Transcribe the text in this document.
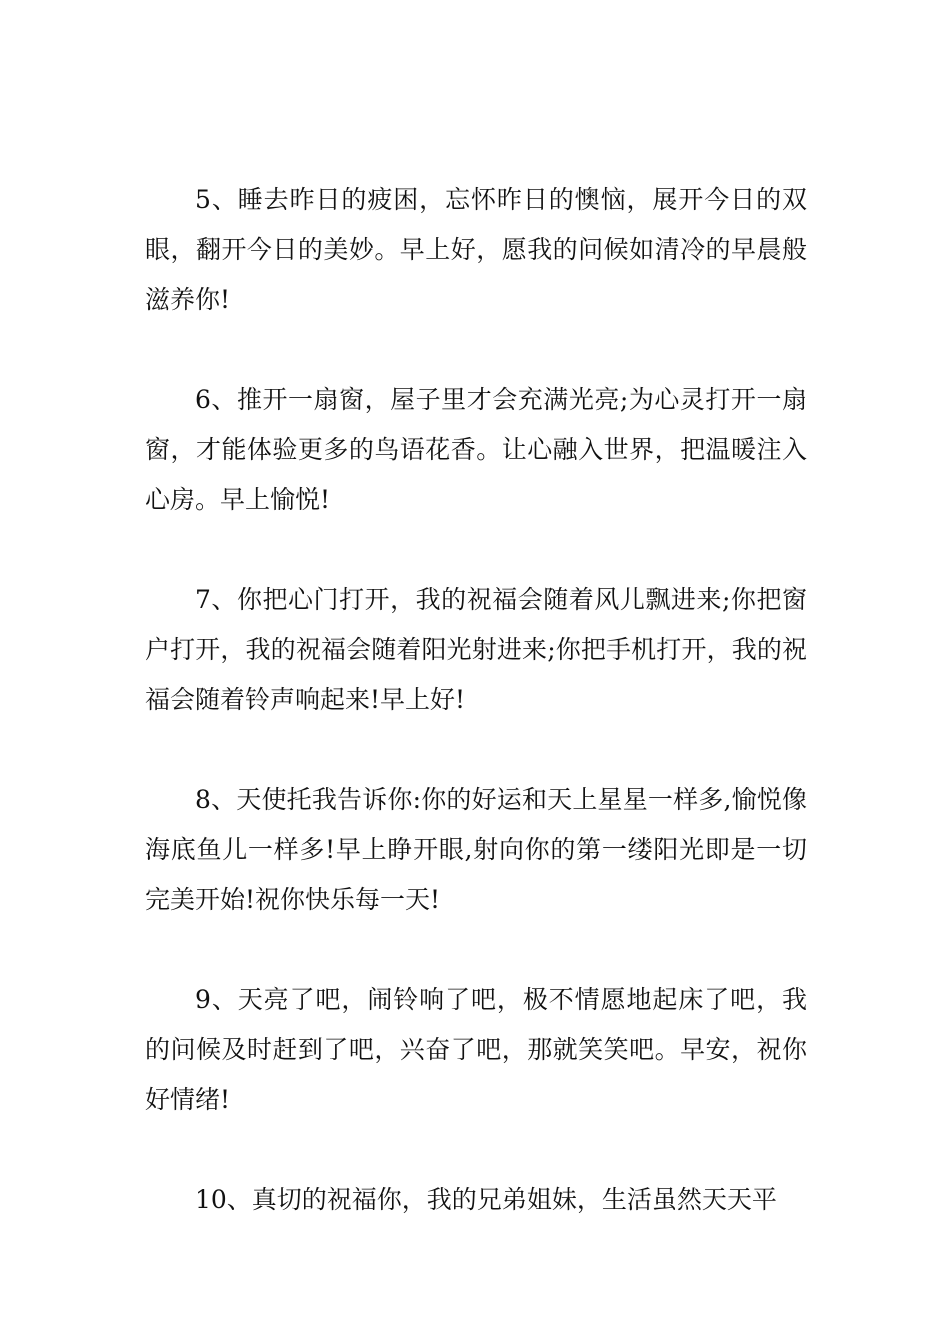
5、睡去昨日的疲困，忘怀昨日的懊恼，展开今日的双眼，翻开今日的美妙。早上好，愿我的问候如清冷的早晨般滋养你!

6、推开一扇窗，屋子里才会充满光亮;为心灵打开一扇窗，才能体验更多的鸟语花香。让心融入世界，把温暖注入心房。早上愉悦!

7、你把心门打开，我的祝福会随着风儿飘进来;你把窗户打开，我的祝福会随着阳光射进来;你把手机打开，我的祝福会随着铃声响起来!早上好!

8、天使托我告诉你:你的好运和天上星星一样多,愉悦像海底鱼儿一样多!早上睁开眼,射向你的第一缕阳光即是一切完美开始!祝你快乐每一天!

9、天亮了吧，闹铃响了吧，极不情愿地起床了吧，我的问候及时赶到了吧，兴奋了吧，那就笑笑吧。早安，祝你好情绪!

10、真切的祝福你，我的兄弟姐妹，生活虽然天天平
